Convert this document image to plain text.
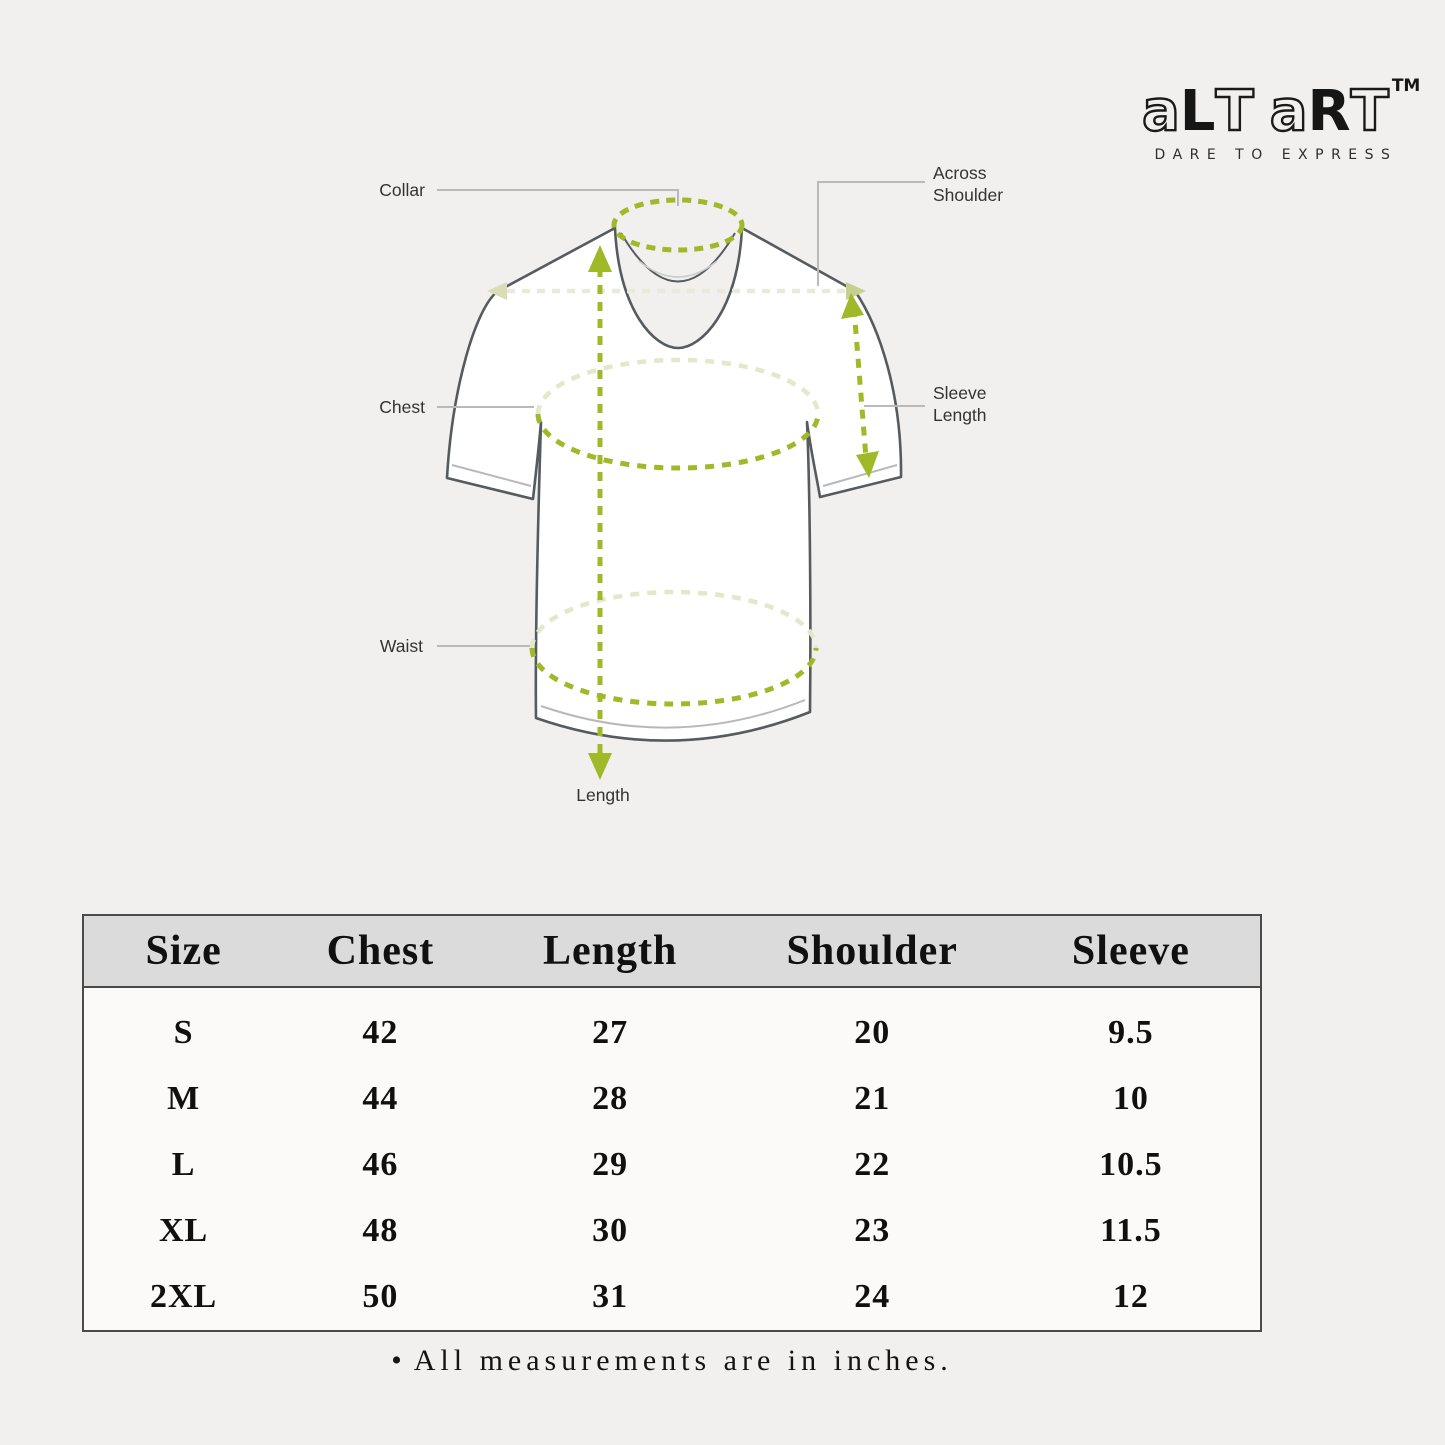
a L T a R T TM
DARE TO EXPRESS
Collar
Across
Shoulder
Chest
Sleeve
Length
Waist
Length
Size	Chest	Length	Shoulder	Sleeve
S	42	27	20	9.5
M	44	28	21	10
L	46	29	22	10.5
XL	48	30	23	11.5
2XL	50	31	24	12
• All measurements are in inches.
